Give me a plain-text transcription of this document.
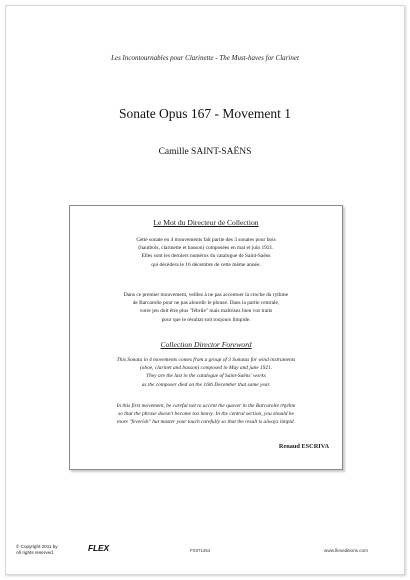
Les Incontournables pour Clarinette - The Must-haves for Clarinet
Sonate Opus 167 - Movement 1
Camille SAINT-SAËNS
Le Mot du Directeur de Collection
Cette sonate en 4 mouvements fait partie des 3 sonates pour bois
(hautbois, clarinette et basson) composées en mai et juin 1921.
Elles sont les derniers numéros du catalogue de Saint-Saëns
qui décèdera le 16 décembre de cette même année.
Dans ce premier mouvement, veillez à ne pas accentuer la croche du rythme
de Barcarolle pour ne pas alourdir le phrasé. Dans la partie centrale,
votre jeu doit être plus "fébrile" mais maîtrisez bien vos traits
pour que le résultat soit toujours limpide.
Collection Director Foreword
This Sonata in 4 movements comes from a group of 3 Sonatas for wind instruments
(oboe, clarinet and basson) composed in May and june 1921.
They are the last in the catalogue of Saint-Saëns' works
as the composer died on the 16th December that same year.
In this first movement, be careful not to accent the quaver in the Barcarolle rhythm
so that the phrase doesn't become too heavy. In the central section, you should be
more "feverish" but master your touch carefully so that the result is always limpid.
Renaud ESCRIVA
© Copyright 2011 by
All rights reserved.	FLEX	FX071454	www.flexeditions.com
